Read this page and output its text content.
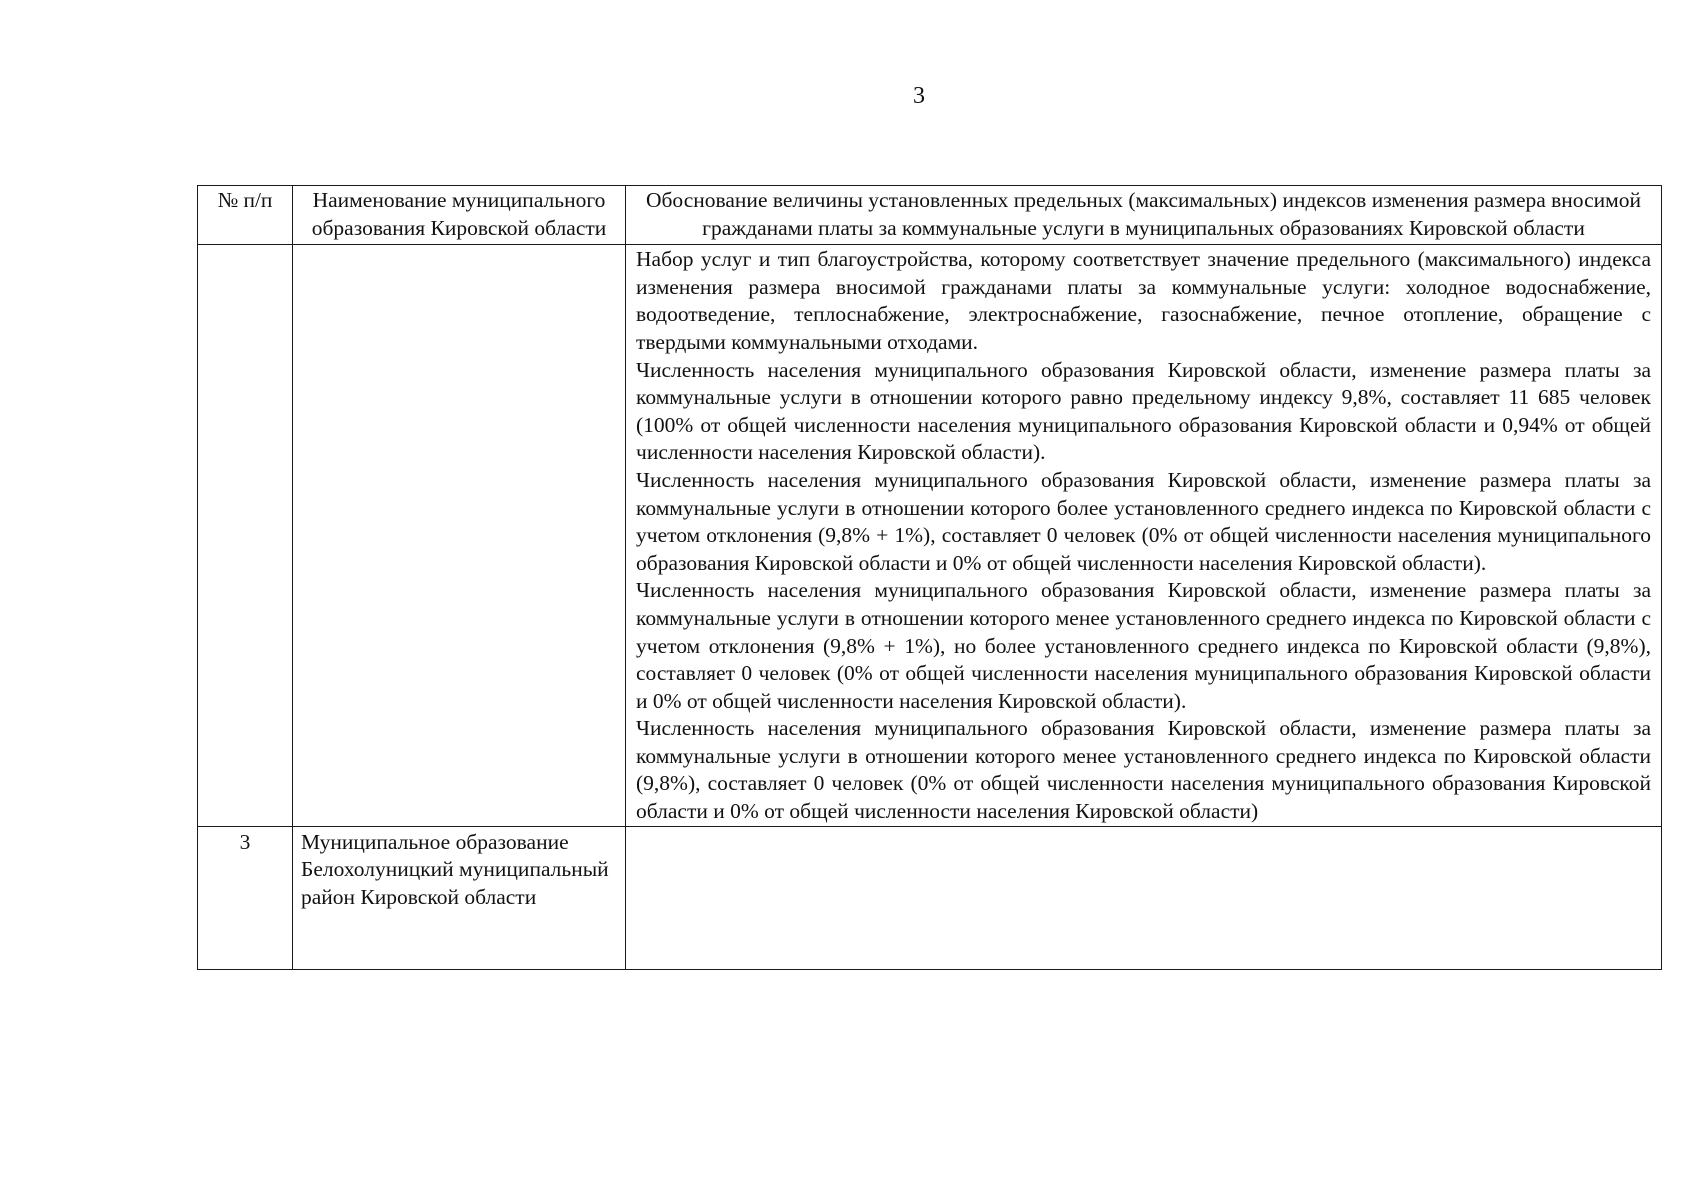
3
№ п/п	Наименование муниципального образования Кировской области	Обоснование величины установленных предельных (максимальных) индексов изменения размера вносимой гражданами платы за коммунальные услуги в муниципальных образованиях Кировской области

		Набор услуг и тип благоустройства, которому соответствует значение предельного (максимального) индекса изменения размера вносимой гражданами платы за коммунальные услуги: холодное водоснабжение, водоотведение, теплоснабжение, электроснабжение, газоснабжение, печное отопление, обращение с твердыми коммунальными отходами.

Численность населения муниципального образования Кировской области, изменение размера платы за коммунальные услуги в отношении которого равно предельному индексу 9,8%, составляет 11 685 человек (100% от общей численности населения муниципального образования Кировской области и 0,94% от общей численности населения Кировской области).

Численность населения муниципального образования Кировской области, изменение размера платы за коммунальные услуги в отношении которого более установленного среднего индекса по Кировской области с учетом отклонения (9,8% + 1%), составляет 0 человек (0% от общей численности населения муниципального образования Кировской области и 0% от общей численности населения Кировской области).

Численность населения муниципального образования Кировской области, изменение размера платы за коммунальные услуги в отношении которого менее установленного среднего индекса по Кировской области с учетом отклонения (9,8% + 1%), но более установленного среднего индекса по Кировской области (9,8%), составляет 0 человек (0% от общей численности населения муниципального образования Кировской области и 0% от общей численности населения Кировской области).

Численность населения муниципального образования Кировской области, изменение размера платы за коммунальные услуги в отношении которого менее установленного среднего индекса по Кировской области (9,8%), составляет 0 человек (0% от общей численности населения муниципального образования Кировской области и 0% от общей численности населения Кировской области)

3	Муниципальное образование Белохолуницкий муниципальный район Кировской области	
